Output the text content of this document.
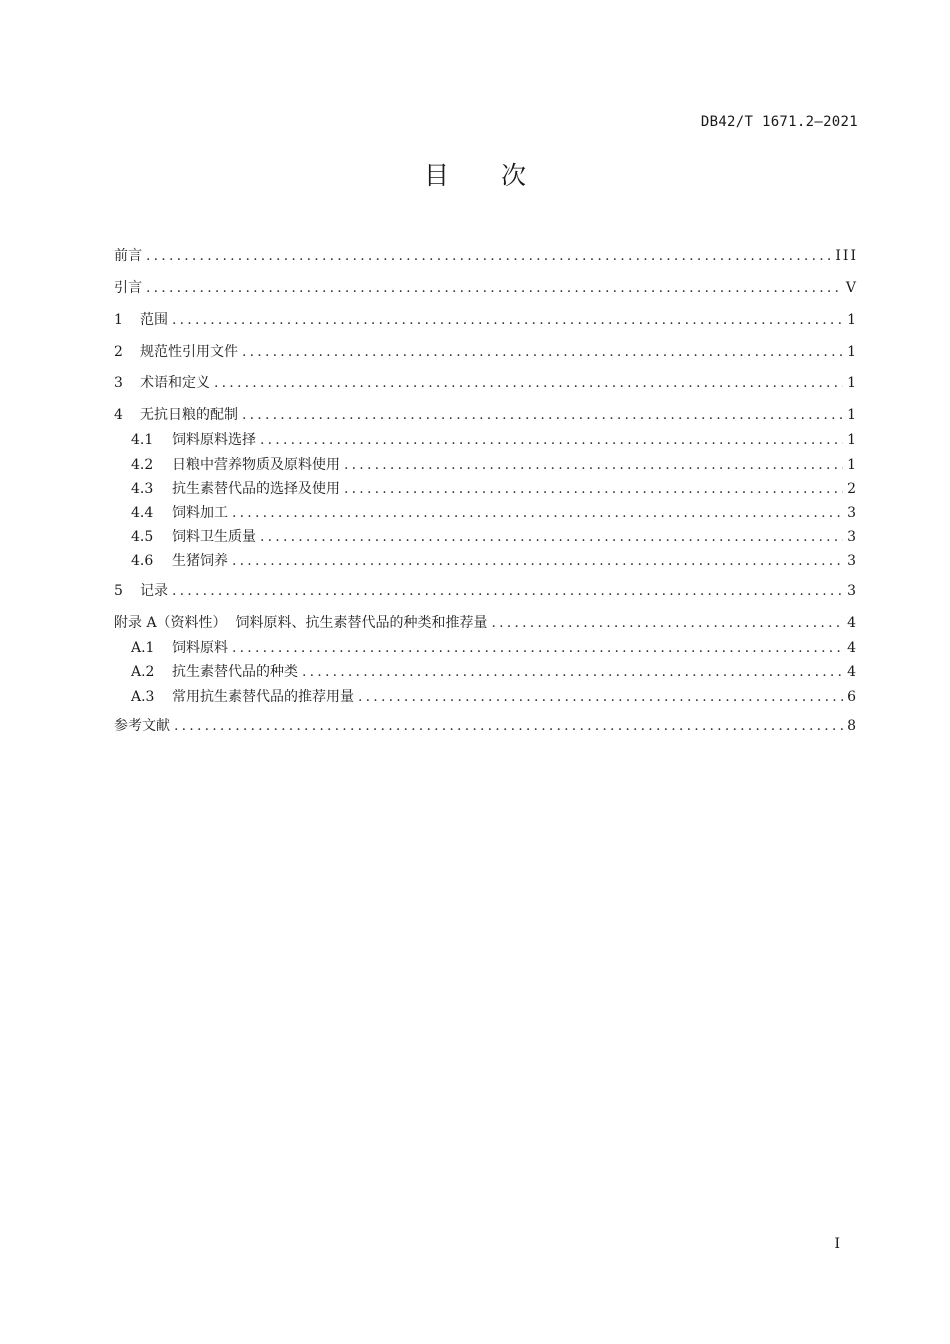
DB42/T 1671.2—2021
目 次
前言 .....	III
引言 .....	V
1	范围 .....	1
2	规范性引用文件 .....	1
3	术语和定义 .....	1
4	无抗日粮的配制 .....	1
4.1	饲料原料选择 .....	1
4.2	日粮中营养物质及原料使用 .....	1
4.3	抗生素替代品的选择及使用 .....	2
4.4	饲料加工 .....	3
4.5	饲料卫生质量 .....	3
4.6	生猪饲养 .....	3
5	记录 .....	3
附录 A（资料性）  饲料原料、抗生素替代品的种类和推荐量 .....	4
A.1	饲料原料 .....	4
A.2	抗生素替代品的种类 .....	4
A.3	常用抗生素替代品的推荐用量 .....	6
参考文献 .....	8
I
